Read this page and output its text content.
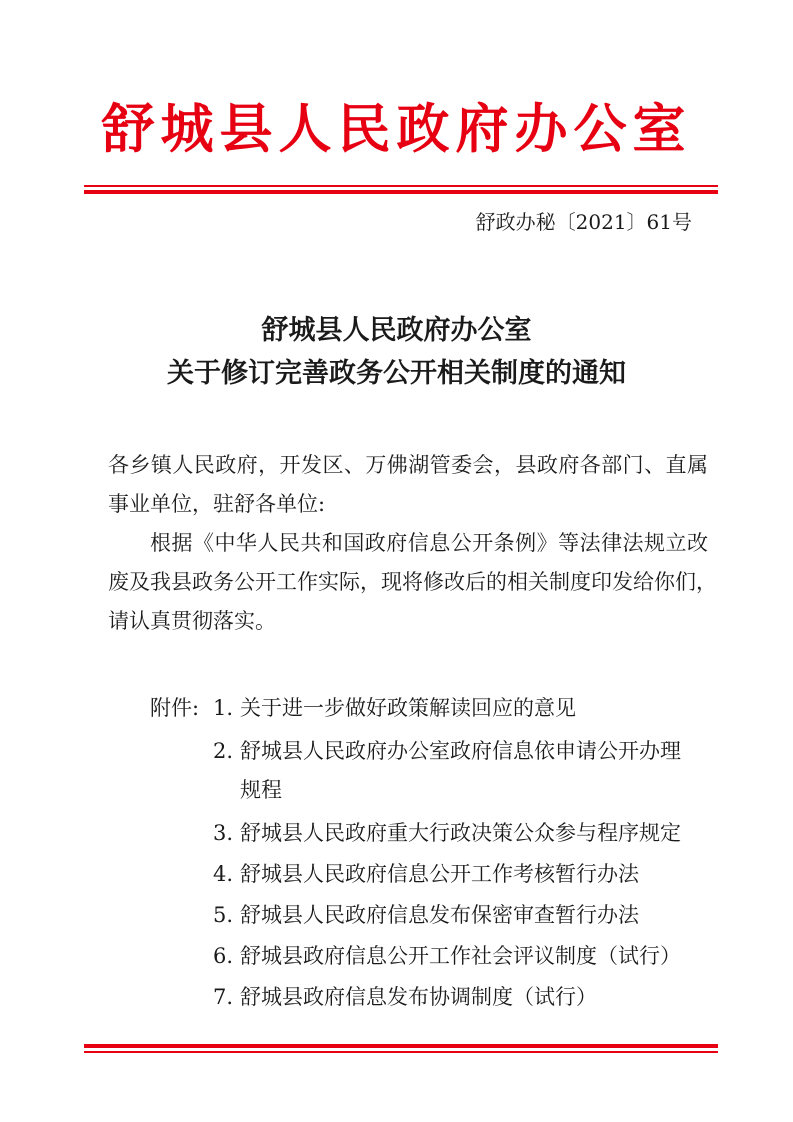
舒城县人民政府办公室
舒政办秘〔2021〕61号
舒城县人民政府办公室
关于修订完善政务公开相关制度的通知
各乡镇人民政府，开发区、万佛湖管委会，县政府各部门、直属
事业单位，驻舒各单位:
根据《中华人民共和国政府信息公开条例》等法律法规立改
废及我县政务公开工作实际，现将修改后的相关制度印发给你们，
请认真贯彻落实。
附件: 1. 关于进一步做好政策解读回应的意见
2. 舒城县人民政府办公室政府信息依申请公开办理
规程
3. 舒城县人民政府重大行政决策公众参与程序规定
4. 舒城县人民政府信息公开工作考核暂行办法
5. 舒城县人民政府信息发布保密审查暂行办法
6. 舒城县政府信息公开工作社会评议制度（试行）
7. 舒城县政府信息发布协调制度（试行）
